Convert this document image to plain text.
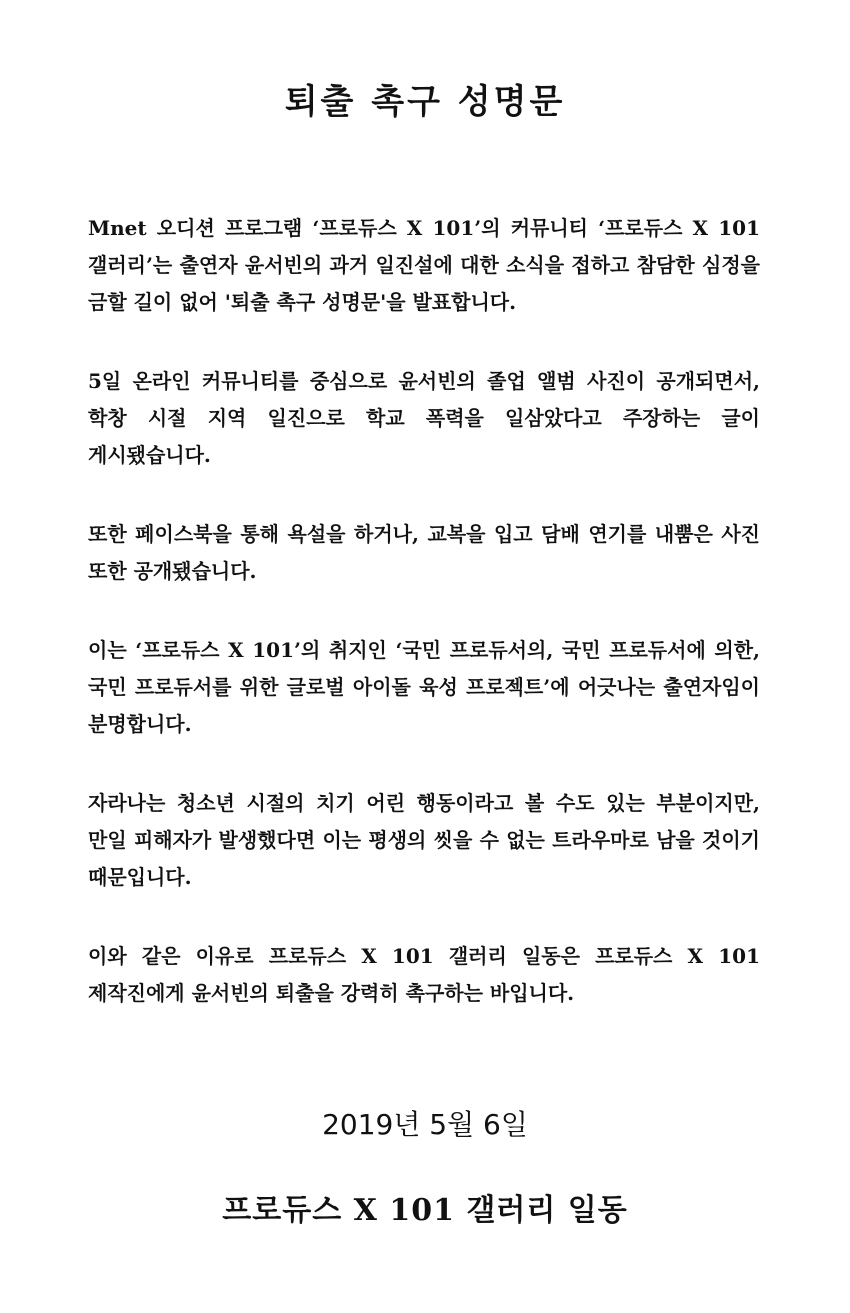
퇴출 촉구 성명문

Mnet 오디션 프로그램 ‘프로듀스 X 101’의 커뮤니티 ‘프로듀스 X 101 갤러리’는 출연자 윤서빈의 과거 일진설에 대한 소식을 접하고 참담한 심정을 금할 길이 없어 '퇴출 촉구 성명문'을 발표합니다.

5일 온라인 커뮤니티를 중심으로 윤서빈의 졸업 앨범 사진이 공개되면서, 학창 시절 지역 일진으로 학교 폭력을 일삼았다고 주장하는 글이 게시됐습니다.

또한 페이스북을 통해 욕설을 하거나, 교복을 입고 담배 연기를 내뿜은 사진 또한 공개됐습니다.

이는 ‘프로듀스 X 101’의 취지인 ‘국민 프로듀서의, 국민 프로듀서에 의한, 국민 프로듀서를 위한 글로벌 아이돌 육성 프로젝트’에 어긋나는 출연자임이 분명합니다.

자라나는 청소년 시절의 치기 어린 행동이라고 볼 수도 있는 부분이지만, 만일 피해자가 발생했다면 이는 평생의 씻을 수 없는 트라우마로 남을 것이기 때문입니다.

이와 같은 이유로 프로듀스 X 101 갤러리 일동은 프로듀스 X 101 제작진에게 윤서빈의 퇴출을 강력히 촉구하는 바입니다.

2019년 5월 6일

프로듀스 X 101 갤러리 일동
